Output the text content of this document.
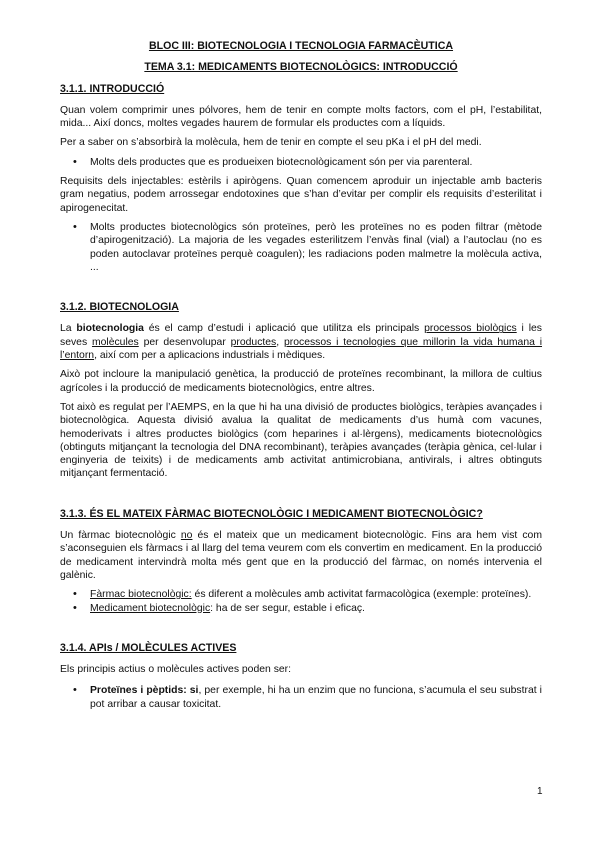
BLOC III: BIOTECNOLOGIA I TECNOLOGIA FARMACÈUTICA

TEMA 3.1: MEDICAMENTS BIOTECNOLÒGICS: INTRODUCCIÓ

3.1.1. INTRODUCCIÓ

Quan volem comprimir unes pólvores, hem de tenir en compte molts factors, com el pH, l’estabilitat, mida... Així doncs, moltes vegades haurem de formular els productes com a líquids.

Per a saber on s’absorbirà la molècula, hem de tenir en compte el seu pKa i el pH del medi.

• Molts dels productes que es produeixen biotecnològicament són per via parenteral.

Requisits dels injectables: estèrils i apirògens. Quan comencem aproduir un injectable amb bacteris gram negatius, podem arrossegar endotoxines que s’han d’evitar per complir els requisits d’esterilitat i apirogenecitat.

• Molts productes biotecnològics són proteïnes, però les proteïnes no es poden filtrar (mètode d’apirogenització). La majoria de les vegades esterilitzem l’envàs final (vial) a l’autoclau (no es poden autoclavar proteïnes perquè coagulen); les radiacions poden malmetre la molècula activa, ...
3.1.2. BIOTECNOLOGIA

La biotecnologia és el camp d’estudi i aplicació que utilitza els principals processos biològics i les seves molècules per desenvolupar productes, processos i tecnologies que millorin la vida humana i l’entorn, així com per a aplicacions industrials i mèdiques.

Això pot incloure la manipulació genètica, la producció de proteïnes recombinant, la millora de cultius agrícoles i la producció de medicaments biotecnològics, entre altres.

Tot això es regulat per l’AEMPS, en la que hi ha una divisió de productes biològics, teràpies avançades i biotecnològica. Aquesta divisió avalua la qualitat de medicaments d’us humà com vacunes, hemoderivats i altres productes biològics (com heparines i al·lèrgens), medicaments biotecnològics (obtinguts mitjançant la tecnologia del DNA recombinant), teràpies avançades (teràpia gènica, cel·lular i enginyeria de teixits) i de medicaments amb activitat antimicrobiana, antivirals, i altres obtinguts mitjançant fermentació.

3.1.3. ÉS EL MATEIX FÀRMAC BIOTECNOLÒGIC I MEDICAMENT BIOTECNOLÒGIC?

Un fàrmac biotecnològic no és el mateix que un medicament biotecnològic. Fins ara hem vist com s’aconseguien els fàrmacs i al llarg del tema veurem com els convertim en medicament. En la producció de medicament intervindrà molta més gent que en la producció del fàrmac, on només intervenia el galènic.

• Fàrmac biotecnològic: és diferent a molècules amb activitat farmacològica (exemple: proteïnes).
• Medicament biotecnològic: ha de ser segur, estable i eficaç.
3.1.4. APIs / MOLÈCULES ACTIVES

Els principis actius o molècules actives poden ser:

• Proteïnes i pèptids: si, per exemple, hi ha un enzim que no funciona, s’acumula el seu substrat i pot arribar a causar toxicitat.
1
